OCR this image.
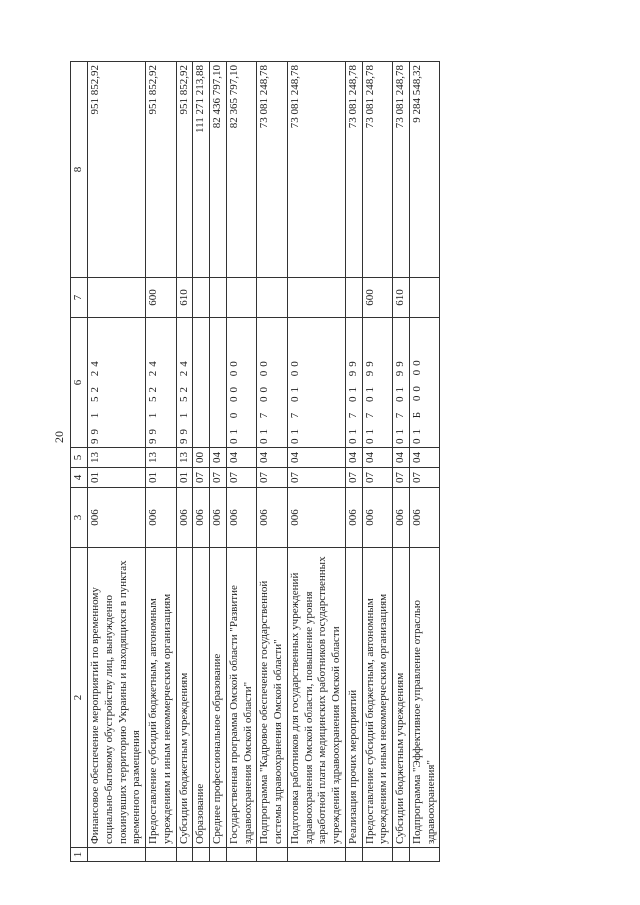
20
1	2	3	4	5	6	7	8
	Финансовое обеспечение мероприятий по временному социально-бытовому обустройству лиц, вынужденно покинувших территорию Украины и находящихся в пунктах временного размещения	006	01	13	99 1 52 24		951 852,92
	Предоставление субсидий бюджетным, автономным учреждениям и иным некоммерческим организациям	006	01	13	99 1 52 24	600	951 852,92
	Субсидии бюджетным учреждениям	006	01	13	99 1 52 24	610	951 852,92
	Образование	006	07	00			111 271 213,88
	Среднее профессиональное образование	006	07	04			82 436 797,10
	Государственная программа Омской области "Развитие здравоохранения Омской области"	006	07	04	01 0 00 00		82 365 797,10
	Подпрограмма "Кадровое обеспечение государственной системы здравоохранения Омской области"	006	07	04	01 7 00 00		73 081 248,78
	Подготовка работников для государственных учреждений здравоохранения Омской области, повышение уровня заработной платы медицинских работников государственных учреждений здравоохранения Омской области	006	07	04	01 7 01 00		73 081 248,78
	Реализация прочих мероприятий	006	07	04	01 7 01 99		73 081 248,78
	Предоставление субсидий бюджетным, автономным учреждениям и иным некоммерческим организациям	006	07	04	01 7 01 99	600	73 081 248,78
	Субсидии бюджетным учреждениям	006	07	04	01 7 01 99	610	73 081 248,78
	Подпрограмма "Эффективное управление отраслью здравоохранения"	006	07	04	01 Б 00 00		9 284 548,32
